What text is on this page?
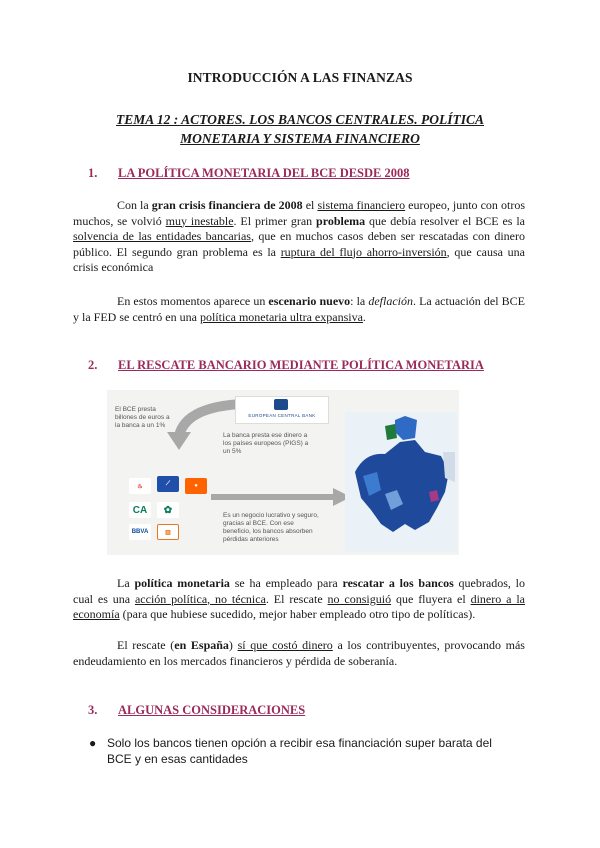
INTRODUCCIÓN A LAS FINANZAS
TEMA 12 : ACTORES. LOS BANCOS CENTRALES. POLÍTICA MONETARIA Y SISTEMA FINANCIERO
1. LA POLÍTICA MONETARIA DEL BCE DESDE 2008

Con la gran crisis financiera de 2008 el sistema financiero europeo, junto con otros muchos, se volvió muy inestable. El primer gran problema que debía resolver el BCE es la solvencia de las entidades bancarias, que en muchos casos deben ser rescatadas con dinero público. El segundo gran problema es la ruptura del flujo ahorro-inversión, que causa una crisis económica

En estos momentos aparece un escenario nuevo: la deflación. La actuación del BCE y la FED se centró en una política monetaria ultra expansiva.

2. EL RESCATE BANCARIO MEDIANTE POLÍTICA MONETARIA
El BCE presta billones de euros a la banca a un 1%
EUROPEAN CENTRAL BANK
♨	⟋	●
CA	✿
BBVA	▥
La banca presta ese dinero a los países europeos (PIGS) a un 5%
Es un negocio lucrativo y seguro, gracias al BCE. Con ese beneficio, los bancos absorben pérdidas anteriores

La política monetaria se ha empleado para rescatar a los bancos quebrados, lo cual es una acción política, no técnica. El rescate no consiguió que fluyera el dinero a la economía (para que hubiese sucedido, mejor haber empleado otro tipo de políticas).

El rescate (en España) sí que costó dinero a los contribuyentes, provocando más endeudamiento en los mercados financieros y pérdida de soberanía.

3. ALGUNAS CONSIDERACIONES
● Solo los bancos tienen opción a recibir esa financiación super barata del BCE y en esas cantidades
